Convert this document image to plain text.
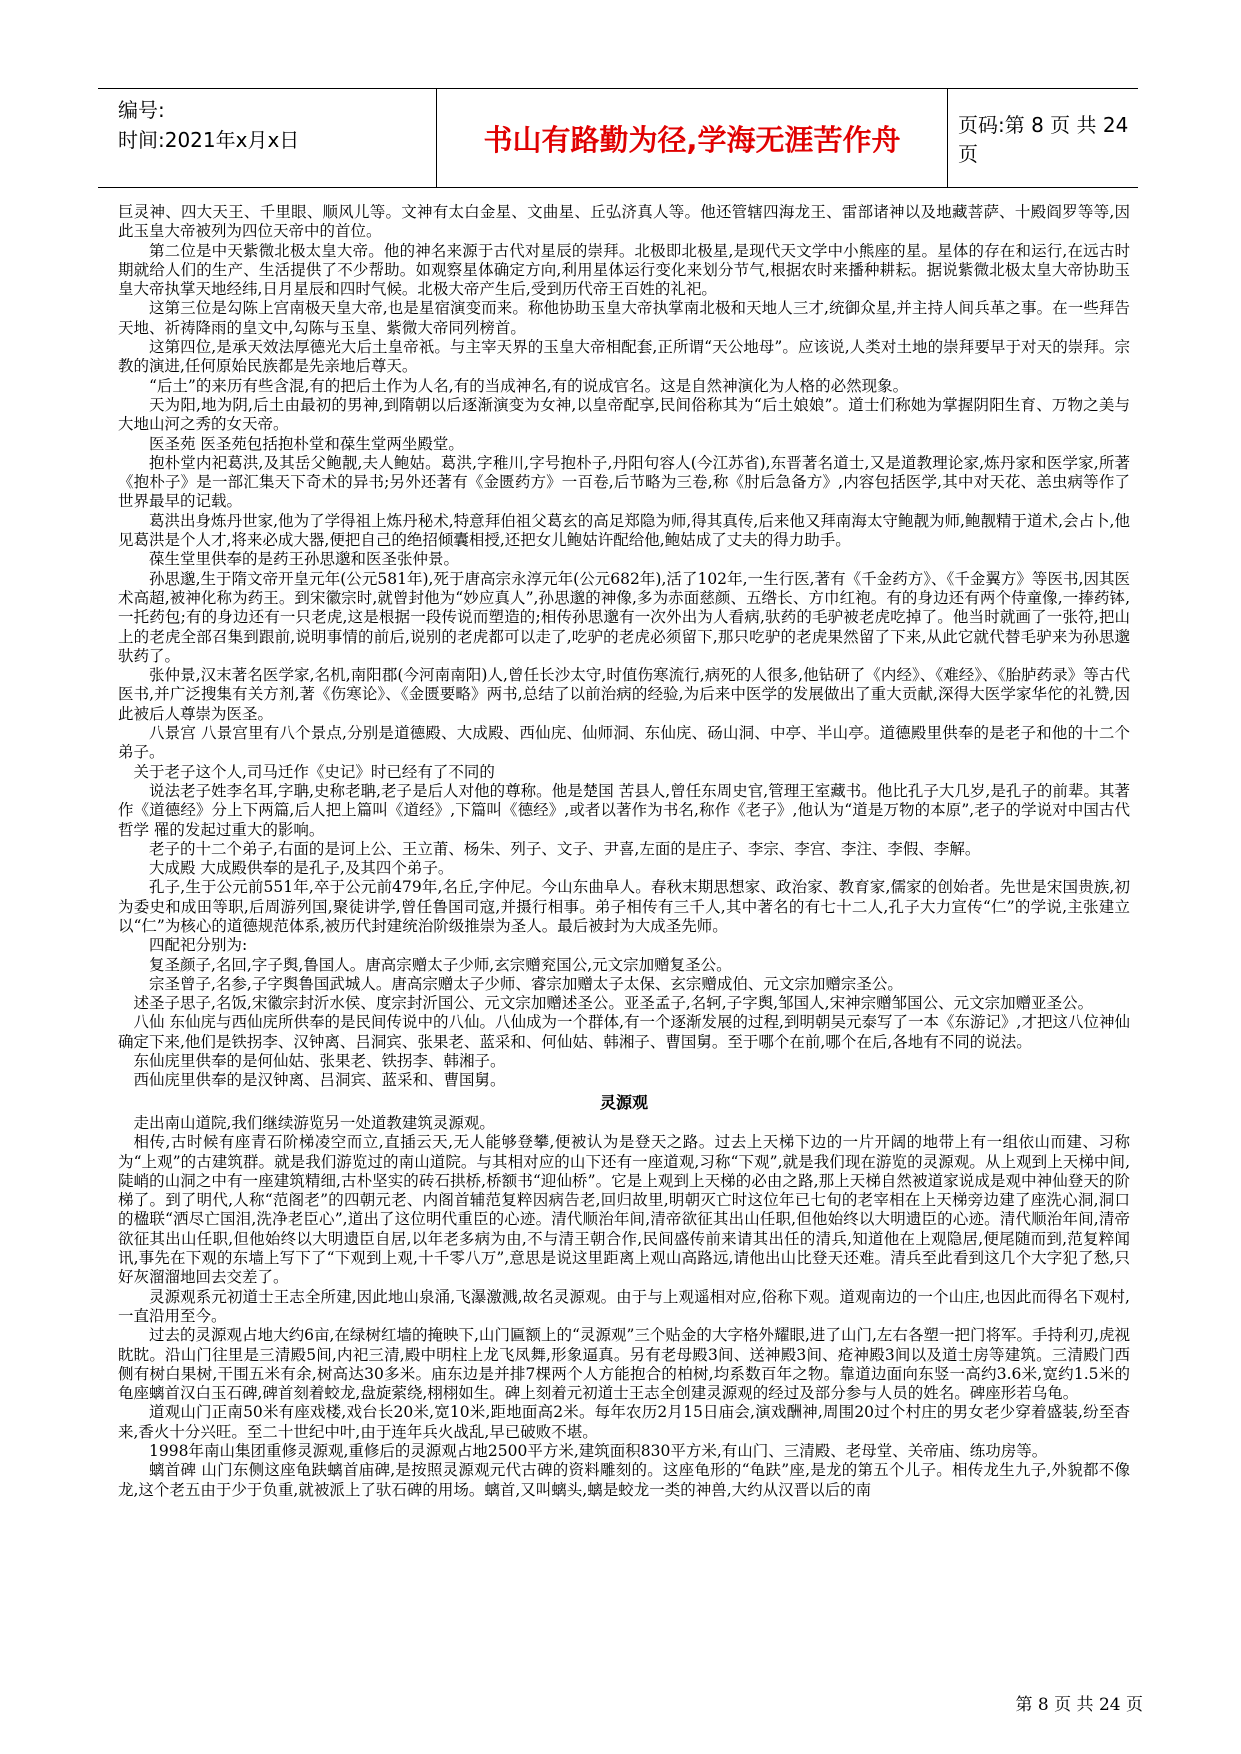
编号:
时间:2021年x月x日	书山有路勤为径,学海无涯苦作舟	页码:第 8 页 共 24 页

巨灵神、四大天王、千里眼、顺风儿等。文神有太白金星、文曲星、丘弘济真人等。他还管辖四海龙王、雷部诸神以及地藏菩萨、十殿阎罗等等,因此玉皇大帝被列为四位天帝中的首位。

第二位是中天紫微北极太皇大帝。他的神名来源于古代对星辰的崇拜。北极即北极星,是现代天文学中小熊座的星。星体的存在和运行,在远古时期就给人们的生产、生活提供了不少帮助。如观察星体确定方向,利用星体运行变化来划分节气,根据农时来播种耕耘。据说紫微北极太皇大帝协助玉皇大帝执掌天地经纬,日月星辰和四时气候。北极大帝产生后,受到历代帝王百姓的礼祀。

这第三位是勾陈上宫南极天皇大帝,也是星宿演变而来。称他协助玉皇大帝执掌南北极和天地人三才,统御众星,并主持人间兵革之事。在一些拜告天地、祈祷降雨的皇文中,勾陈与玉皇、紫微大帝同列榜首。

这第四位,是承天效法厚德光大后土皇帝祇。与主宰天界的玉皇大帝相配套,正所谓“天公地母”。应该说,人类对土地的崇拜要早于对天的崇拜。宗教的演进,任何原始民族都是先亲地后尊天。

“后土”的来历有些含混,有的把后土作为人名,有的当成神名,有的说成官名。这是自然神演化为人格的必然现象。

天为阳,地为阴,后土由最初的男神,到隋朝以后逐渐演变为女神,以皇帝配享,民间俗称其为“后土娘娘”。道士们称她为掌握阴阳生育、万物之美与大地山河之秀的女天帝。

医圣苑 医圣苑包括抱朴堂和葆生堂两坐殿堂。

抱朴堂内祀葛洪,及其岳父鲍靓,夫人鲍姑。葛洪,字稚川,字号抱朴子,丹阳句容人(今江苏省),东晋著名道士,又是道教理论家,炼丹家和医学家,所著《抱朴子》是一部汇集天下奇术的异书;另外还著有《金匮药方》一百卷,后节略为三卷,称《肘后急备方》,内容包括医学,其中对天花、恙虫病等作了世界最早的记载。

葛洪出身炼丹世家,他为了学得祖上炼丹秘术,特意拜伯祖父葛玄的高足郑隐为师,得其真传,后来他又拜南海太守鲍靓为师,鲍靓精于道术,会占卜,他见葛洪是个人才,将来必成大器,便把自己的绝招倾囊相授,还把女儿鲍姑许配给他,鲍姑成了丈夫的得力助手。

葆生堂里供奉的是药王孙思邈和医圣张仲景。

孙思邈,生于隋文帝开皇元年(公元581年),死于唐高宗永淳元年(公元682年),活了102年,一生行医,著有《千金药方》、《千金翼方》等医书,因其医术高超,被神化称为药王。到宋徽宗时,就曾封他为“妙应真人”,孙思邈的神像,多为赤面慈颜、五绺长、方巾红袍。有的身边还有两个侍童像,一捧药钵,一托药包;有的身边还有一只老虎,这是根据一段传说而塑造的;相传孙思邈有一次外出为人看病,驮药的毛驴被老虎吃掉了。他当时就画了一张符,把山上的老虎全部召集到跟前,说明事情的前后,说别的老虎都可以走了,吃驴的老虎必须留下,那只吃驴的老虎果然留了下来,从此它就代替毛驴来为孙思邈驮药了。

张仲景,汉末著名医学家,名机,南阳郡(今河南南阳)人,曾任长沙太守,时值伤寒流行,病死的人很多,他钻研了《内经》、《难经》、《胎胪药录》等古代医书,并广泛搜集有关方剂,著《伤寒论》、《金匮要略》两书,总结了以前治病的经验,为后来中医学的发展做出了重大贡献,深得大医学家华佗的礼赞,因此被后人尊崇为医圣。

八景宫 八景宫里有八个景点,分别是道德殿、大成殿、西仙庑、仙师洞、东仙庑、砀山洞、中亭、半山亭。道德殿里供奉的是老子和他的十二个弟子。

关于老子这个人,司马迁作《史记》时已经有了不同的

说法老子姓李名耳,字聃,史称老聃,老子是后人对他的尊称。他是楚国 苦县人,曾任东周史官,管理王室藏书。他比孔子大几岁,是孔子的前辈。其著作《道德经》分上下两篇,后人把上篇叫《道经》,下篇叫《德经》,或者以著作为书名,称作《老子》,他认为“道是万物的本原”,老子的学说对中国古代哲学 罹的发起过重大的影响。

老子的十二个弟子,右面的是诃上公、王立莆、杨朱、列子、文子、尹喜,左面的是庄子、李宗、李宫、李注、李假、李解。

大成殿 大成殿供奉的是孔子,及其四个弟子。

孔子,生于公元前551年,卒于公元前479年,名丘,字仲尼。今山东曲阜人。春秋末期思想家、政治家、教育家,儒家的创始者。先世是宋国贵族,初为委史和成田等职,后周游列国,聚徒讲学,曾任鲁国司寇,并摄行相事。弟子相传有三千人,其中著名的有七十二人,孔子大力宣传“仁”的学说,主张建立以“仁”为核心的道德规范体系,被历代封建统治阶级推崇为圣人。最后被封为大成圣先师。

四配祀分别为:

复圣颜子,名回,字子舆,鲁国人。唐高宗赠太子少师,玄宗赠兖国公,元文宗加赠复圣公。

宗圣曾子,名参,子字舆鲁国武城人。唐高宗赠太子少师、睿宗加赠太子太保、玄宗赠成伯、元文宗加赠宗圣公。

述圣子思子,名饭,宋徽宗封沂水侯、度宗封沂国公、元文宗加赠述圣公。亚圣孟子,名轲,子字舆,邹国人,宋神宗赠邹国公、元文宗加赠亚圣公。

八仙 东仙庑与西仙庑所供奉的是民间传说中的八仙。八仙成为一个群体,有一个逐渐发展的过程,到明朝吴元泰写了一本《东游记》,才把这八位神仙确定下来,他们是铁拐李、汉钟离、吕洞宾、张果老、蓝采和、何仙姑、韩湘子、曹国舅。至于哪个在前,哪个在后,各地有不同的说法。

东仙庑里供奉的是何仙姑、张果老、铁拐李、韩湘子。

西仙庑里供奉的是汉钟离、吕洞宾、蓝采和、曹国舅。

灵源观

走出南山道院,我们继续游览另一处道教建筑灵源观。

相传,古时候有座青石阶梯凌空而立,直插云天,无人能够登攀,便被认为是登天之路。过去上天梯下边的一片开阔的地带上有一组依山而建、习称为“上观”的古建筑群。就是我们游览过的南山道院。与其相对应的山下还有一座道观,习称“下观”,就是我们现在游览的灵源观。从上观到上天梯中间,陡峭的山洞之中有一座建筑精细,古朴坚实的砖石拱桥,桥额书“迎仙桥”。它是上观到上天梯的必由之路,那上天梯自然被道家说成是观中神仙登天的阶梯了。到了明代,人称“范阁老”的四朝元老、内阁首辅范复粹因病告老,回归故里,明朝灭亡时这位年已七旬的老宰相在上天梯旁边建了座洗心洞,洞口的楹联“洒尽亡国泪,洗净老臣心”,道出了这位明代重臣的心迹。清代顺治年间,清帝欲征其出山任职,但他始终以大明遗臣的心迹。清代顺治年间,清帝欲征其出山任职,但他始终以大明遗臣自居,以年老多病为由,不与清王朝合作,民间盛传前来请其出任的清兵,知道他在上观隐居,便尾随而到,范复粹闻讯,事先在下观的东墙上写下了“下观到上观,十千零八万”,意思是说这里距离上观山高路远,请他出山比登天还难。清兵至此看到这几个大字犯了愁,只好灰溜溜地回去交差了。

灵源观系元初道士王志全所建,因此地山泉涌,飞瀑激溅,故名灵源观。由于与上观遥相对应,俗称下观。道观南边的一个山庄,也因此而得名下观村,一直沿用至今。

过去的灵源观占地大约6亩,在绿树红墙的掩映下,山门匾额上的“灵源观”三个贴金的大字格外耀眼,进了山门,左右各塑一把门将军。手持利刃,虎视眈眈。沿山门往里是三清殿5间,内祀三清,殿中明柱上龙飞凤舞,形象逼真。另有老母殿3间、送神殿3间、疮神殿3间以及道士房等建筑。三清殿门西侧有树白果树,干围五米有余,树高达30多米。庙东边是并排7棵两个人方能抱合的柏树,均系数百年之物。靠道边面向东竖一高约3.6米,宽约1.5米的龟座螭首汉白玉石碑,碑首刻着蛟龙,盘旋萦绕,栩栩如生。碑上刻着元初道士王志全创建灵源观的经过及部分参与人员的姓名。碑座形若乌龟。

道观山门正南50米有座戏楼,戏台长20米,宽10米,距地面高2米。每年农历2月15日庙会,演戏酬神,周围20过个村庄的男女老少穿着盛装,纷至杳来,香火十分兴旺。至二十世纪中叶,由于连年兵火战乱,早已破败不堪。

1998年南山集团重修灵源观,重修后的灵源观占地2500平方米,建筑面积830平方米,有山门、三清殿、老母堂、关帝庙、练功房等。

螭首碑 山门东侧这座龟趺螭首庙碑,是按照灵源观元代古碑的资料雕刻的。这座龟形的“龟趺”座,是龙的第五个儿子。相传龙生九子,外貌都不像龙,这个老五由于少于负重,就被派上了驮石碑的用场。螭首,又叫螭头,螭是蛟龙一类的神兽,大约从汉晋以后的南

第 8 页 共 24 页
